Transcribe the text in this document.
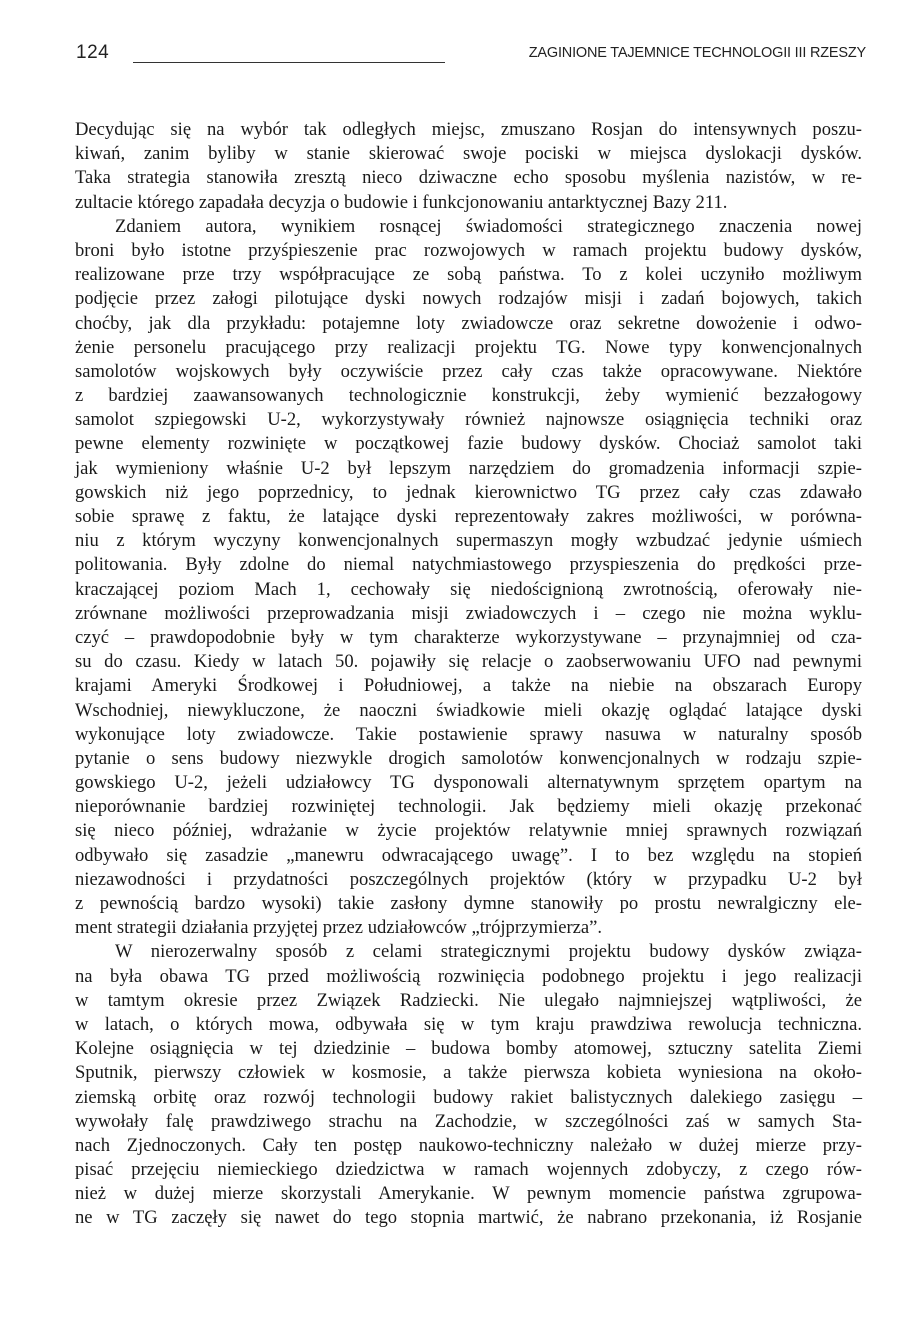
124	ZAGINIONE TAJEMNICE TECHNOLOGII III RZESZY
Decydując się na wybór tak odległych miejsc, zmuszano Rosjan do intensywnych poszu-
kiwań, zanim byliby w stanie skierować swoje pociski w miejsca dyslokacji dysków.
Taka strategia stanowiła zresztą nieco dziwaczne echo sposobu myślenia nazistów, w re-
zultacie którego zapadała decyzja o budowie i funkcjonowaniu antarktycznej Bazy 211.
Zdaniem autora, wynikiem rosnącej świadomości strategicznego znaczenia nowej
broni było istotne przyśpieszenie prac rozwojowych w ramach projektu budowy dysków,
realizowane prze trzy współpracujące ze sobą państwa. To z kolei uczyniło możliwym
podjęcie przez załogi pilotujące dyski nowych rodzajów misji i zadań bojowych, takich
choćby, jak dla przykładu: potajemne loty zwiadowcze oraz sekretne dowożenie i odwo-
żenie personelu pracującego przy realizacji projektu TG. Nowe typy konwencjonalnych
samolotów wojskowych były oczywiście przez cały czas także opracowywane. Niektóre
z bardziej zaawansowanych technologicznie konstrukcji, żeby wymienić bezzałogowy
samolot szpiegowski U-2, wykorzystywały również najnowsze osiągnięcia techniki oraz
pewne elementy rozwinięte w początkowej fazie budowy dysków. Chociaż samolot taki
jak wymieniony właśnie U-2 był lepszym narzędziem do gromadzenia informacji szpie-
gowskich niż jego poprzednicy, to jednak kierownictwo TG przez cały czas zdawało
sobie sprawę z faktu, że latające dyski reprezentowały zakres możliwości, w porówna-
niu z którym wyczyny konwencjonalnych supermaszyn mogły wzbudzać jedynie uśmiech
politowania. Były zdolne do niemal natychmiastowego przyspieszenia do prędkości prze-
kraczającej poziom Mach 1, cechowały się niedoścignioną zwrotnością, oferowały nie-
zrównane możliwości przeprowadzania misji zwiadowczych i – czego nie można wyklu-
czyć – prawdopodobnie były w tym charakterze wykorzystywane – przynajmniej od cza-
su do czasu. Kiedy w latach 50. pojawiły się relacje o zaobserwowaniu UFO nad pewnymi
krajami Ameryki Środkowej i Południowej, a także na niebie na obszarach Europy
Wschodniej, niewykluczone, że naoczni świadkowie mieli okazję oglądać latające dyski
wykonujące loty zwiadowcze. Takie postawienie sprawy nasuwa w naturalny sposób
pytanie o sens budowy niezwykle drogich samolotów konwencjonalnych w rodzaju szpie-
gowskiego U-2, jeżeli udziałowcy TG dysponowali alternatywnym sprzętem opartym na
nieporównanie bardziej rozwiniętej technologii. Jak będziemy mieli okazję przekonać
się nieco później, wdrażanie w życie projektów relatywnie mniej sprawnych rozwiązań
odbywało się zasadzie „manewru odwracającego uwagę”. I to bez względu na stopień
niezawodności i przydatności poszczególnych projektów (który w przypadku U-2 był
z pewnością bardzo wysoki) takie zasłony dymne stanowiły po prostu newralgiczny ele-
ment strategii działania przyjętej przez udziałowców „trójprzymierza”.
W nierozerwalny sposób z celami strategicznymi projektu budowy dysków związa-
na była obawa TG przed możliwością rozwinięcia podobnego projektu i jego realizacji
w tamtym okresie przez Związek Radziecki. Nie ulegało najmniejszej wątpliwości, że
w latach, o których mowa, odbywała się w tym kraju prawdziwa rewolucja techniczna.
Kolejne osiągnięcia w tej dziedzinie – budowa bomby atomowej, sztuczny satelita Ziemi
Sputnik, pierwszy człowiek w kosmosie, a także pierwsza kobieta wyniesiona na około-
ziemską orbitę oraz rozwój technologii budowy rakiet balistycznych dalekiego zasięgu –
wywołały falę prawdziwego strachu na Zachodzie, w szczególności zaś w samych Sta-
nach Zjednoczonych. Cały ten postęp naukowo-techniczny należało w dużej mierze przy-
pisać przejęciu niemieckiego dziedzictwa w ramach wojennych zdobyczy, z czego rów-
nież w dużej mierze skorzystali Amerykanie. W pewnym momencie państwa zgrupowa-
ne w TG zaczęły się nawet do tego stopnia martwić, że nabrano przekonania, iż Rosjanie
